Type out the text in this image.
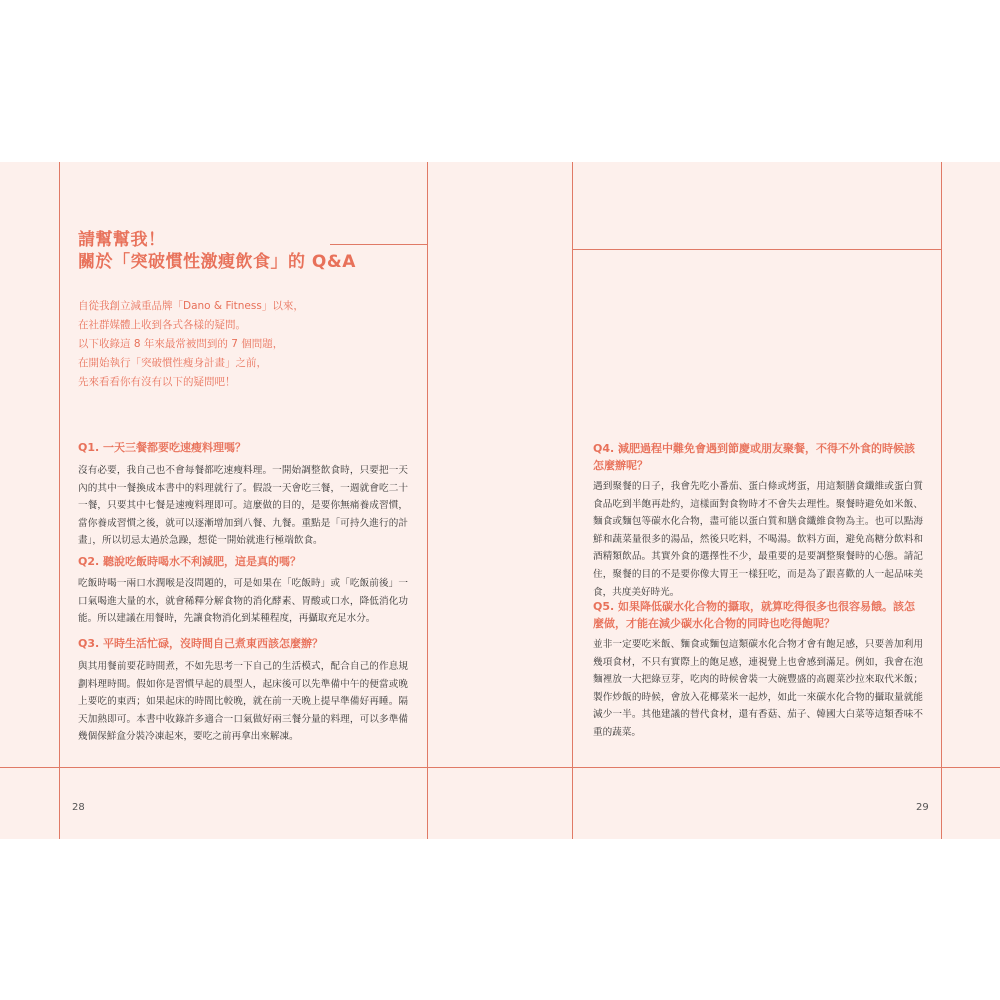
請幫幫我！
關於「突破慣性激瘦飲食」的 Q&A
自從我創立減重品牌「Dano & Fitness」以來，
在社群媒體上收到各式各樣的疑問。
以下收錄這 8 年來最常被問到的 7 個問題，
在開始執行「突破慣性瘦身計畫」之前，
先來看看你有沒有以下的疑問吧！
Q1. 一天三餐都要吃速瘦料理嗎？
沒有必要，我自己也不會每餐都吃速瘦料理。一開始調整飲食時，只要把一天內的其中一餐換成本書中的料理就行了。假設一天會吃三餐，一週就會吃二十一餐，只要其中七餐是速瘦料理即可。這麼做的目的，是要你無痛養成習慣，當你養成習慣之後，就可以逐漸增加到八餐、九餐。重點是「可持久進行的計畫」，所以切忌太過於急躁，想從一開始就進行極端飲食。
Q2. 聽說吃飯時喝水不利減肥，這是真的嗎？
吃飯時喝一兩口水潤喉是沒問題的，可是如果在「吃飯時」或「吃飯前後」一口氣喝進大量的水，就會稀釋分解食物的消化酵素、胃酸或口水，降低消化功能。所以建議在用餐時，先讓食物消化到某種程度，再攝取充足水分。
Q3. 平時生活忙碌，沒時間自己煮東西該怎麼辦？
與其用餐前要花時間煮，不如先思考一下自己的生活模式，配合自己的作息規劃料理時間。假如你是習慣早起的晨型人，起床後可以先準備中午的便當或晚上要吃的東西；如果起床的時間比較晚，就在前一天晚上提早準備好再睡。隔天加熱即可。本書中收錄許多適合一口氣做好兩三餐分量的料理，可以多準備幾個保鮮盒分裝冷凍起來，要吃之前再拿出來解凍。
28
Q4. 減肥過程中難免會遇到節慶或朋友聚餐，不得不外食的時候該怎麼辦呢？
遇到聚餐的日子，我會先吃小番茄、蛋白條或烤蛋，用這類膳食纖維或蛋白質食品吃到半飽再赴約，這樣面對食物時才不會失去理性。聚餐時避免如米飯、麵食或麵包等碳水化合物，盡可能以蛋白質和膳食纖維食物為主。也可以點海鮮和蔬菜量很多的湯品，然後只吃料，不喝湯。飲料方面，避免高糖分飲料和酒精類飲品。其實外食的選擇性不少，最重要的是要調整聚餐時的心態。請記住，聚餐的目的不是要你像大胃王一樣狂吃，而是為了跟喜歡的人一起品味美食，共度美好時光。
Q5. 如果降低碳水化合物的攝取，就算吃得很多也很容易餓。該怎麼做，才能在減少碳水化合物的同時也吃得飽呢？
並非一定要吃米飯、麵食或麵包這類碳水化合物才會有飽足感，只要善加利用幾項食材，不只有實際上的飽足感，連視覺上也會感到滿足。例如，我會在泡麵裡放一大把綠豆芽，吃肉的時候會裝一大碗豐盛的高麗菜沙拉來取代米飯；製作炒飯的時候，會放入花椰菜米一起炒，如此一來碳水化合物的攝取量就能減少一半。其他建議的替代食材，還有香菇、茄子、韓國大白菜等這類香味不重的蔬菜。
29
